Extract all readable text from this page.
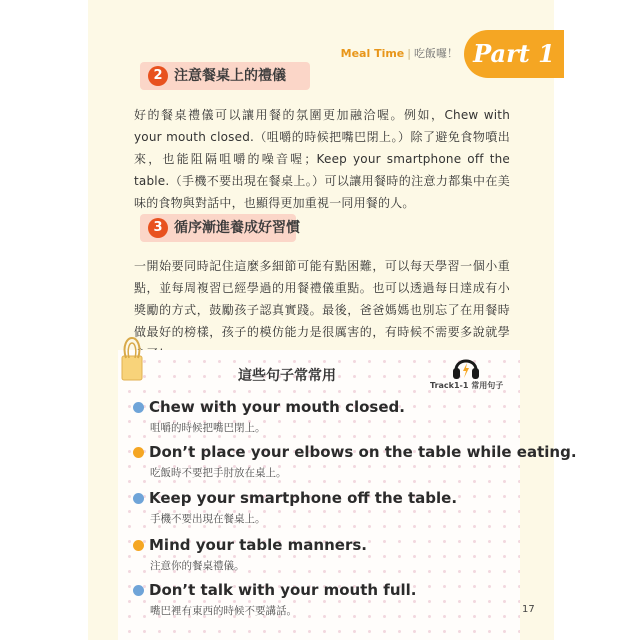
Meal Time | 吃飯囉！ Part 1
2 注意餐桌上的禮儀
好的餐桌禮儀可以讓用餐的氛圍更加融洽喔。例如，Chew with your mouth closed.（咀嚼的時候把嘴巴閉上。）除了避免食物噴出來，也能阻隔咀嚼的噪音喔；Keep your smartphone off the table.（手機不要出現在餐桌上。）可以讓用餐時的注意力都集中在美味的食物與對話中，也顯得更加重視一同用餐的人。
3 循序漸進養成好習慣
一開始要同時記住這麼多細節可能有點困難，可以每天學習一個小重點，並每周複習已經學過的用餐禮儀重點。也可以透過每日達成有小獎勵的方式，鼓勵孩子認真實踐。最後，爸爸媽媽也別忘了在用餐時做最好的榜樣，孩子的模仿能力是很厲害的，有時候不需要多說就學
這些句子常常用
Track1-1 常用句子
Chew with your mouth closed.
咀嚼的時候把嘴巴閉上。
Don’t place your elbows on the table while eating.
吃飯時不要把手肘放在桌上。
Keep your smartphone off the table.
手機不要出現在餐桌上。
Mind your table manners.
注意你的餐桌禮儀。
Don’t talk with your mouth full.
嘴巴裡有東西的時候不要講話。	17
